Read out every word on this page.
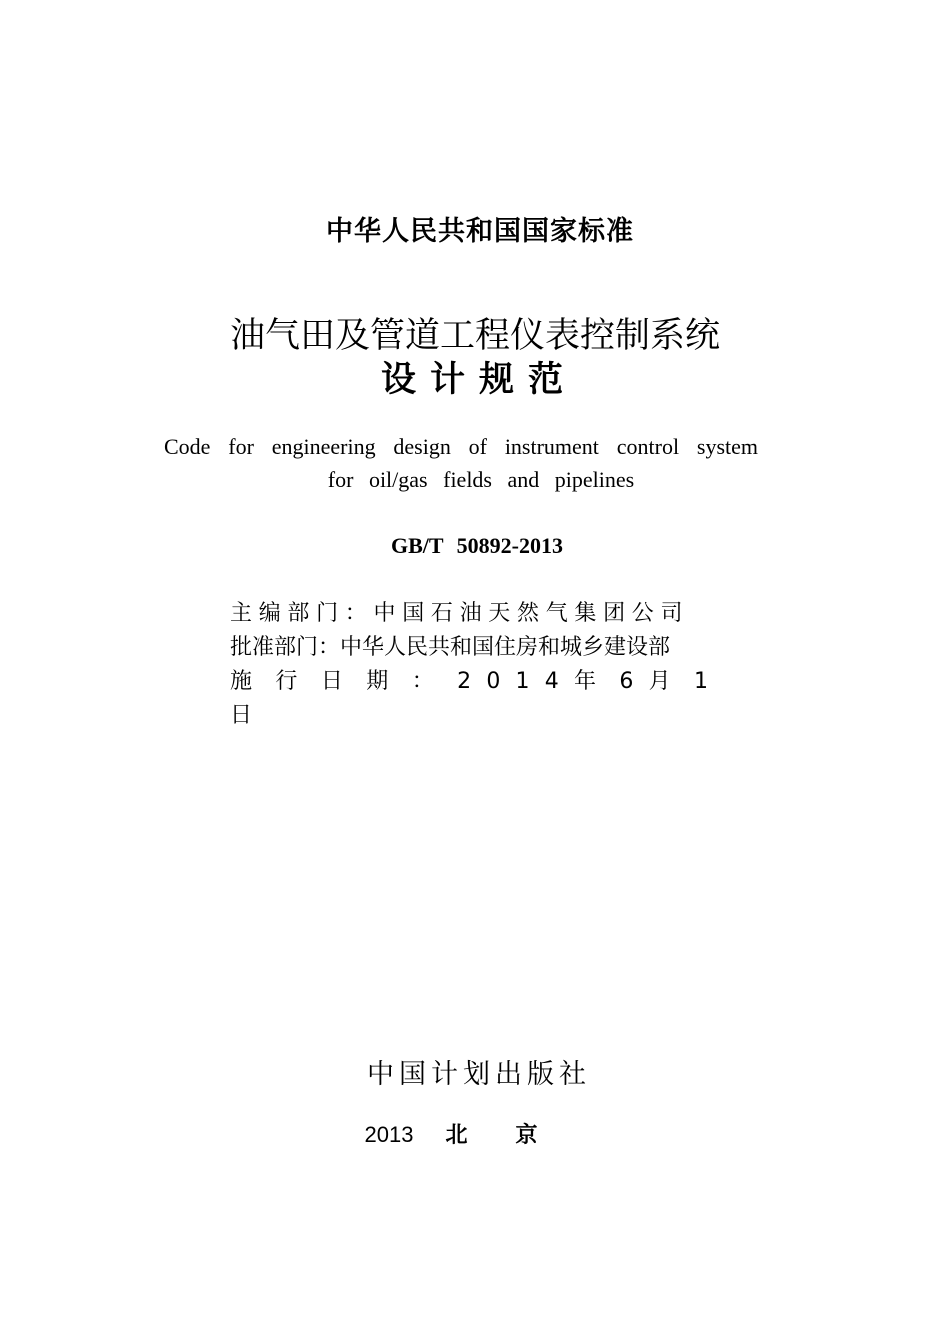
中华人民共和国国家标准
油气田及管道工程仪表控制系统
设计规范
Code for engineering design of instrument control system
for oil/gas fields and pipelines
GB/T 50892-2013
主编部门：中国石油天然气集团公司
批准部门：中华人民共和国住房和城乡建设部
施 行 日 期 ： 2 0 1 4 年 6 月 1
日
中国计划出版社
2013 北京
